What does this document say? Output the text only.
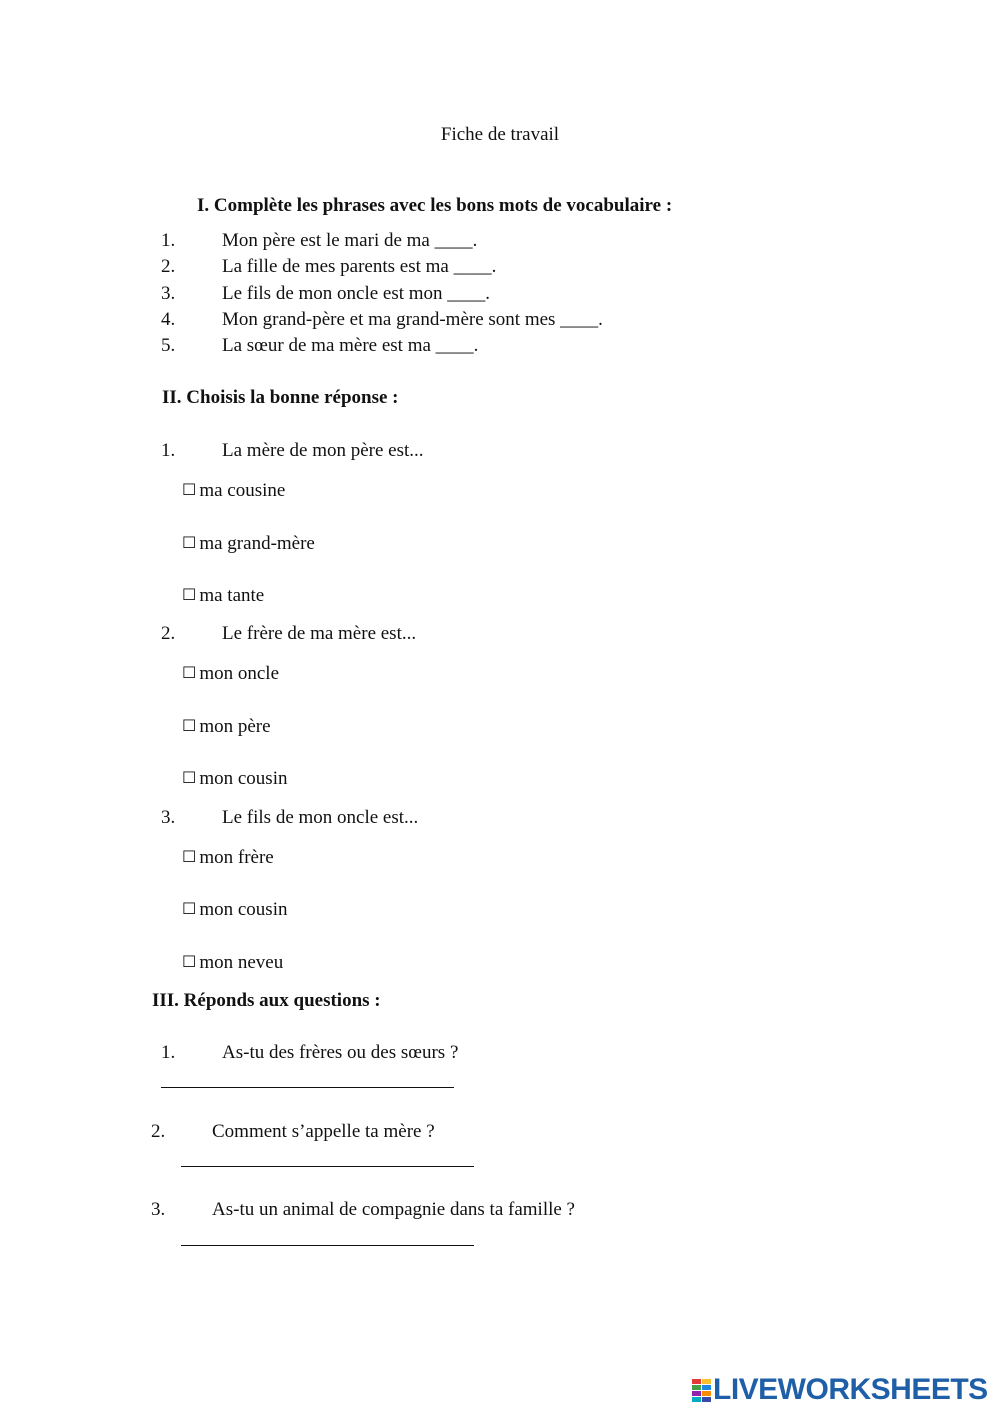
Fiche de travail
I. Complète les phrases avec les bons mots de vocabulaire :
1. Mon père est le mari de ma ____.
2. La fille de mes parents est ma ____.
3. Le fils de mon oncle est mon ____.
4. Mon grand-père et ma grand-mère sont mes ____.
5. La sœur de ma mère est ma ____.
II. Choisis la bonne réponse :
1. La mère de mon père est...
☐ ma cousine
☐ ma grand-mère
☐ ma tante
2. Le frère de ma mère est...
☐ mon oncle
☐ mon père
☐ mon cousin
3. Le fils de mon oncle est...
☐ mon frère
☐ mon cousin
☐ mon neveu
III. Réponds aux questions :
1. As-tu des frères ou des sœurs ?
2. Comment s’appelle ta mère ?
3. As-tu un animal de compagnie dans ta famille ?
LIVEWORKSHEETS
